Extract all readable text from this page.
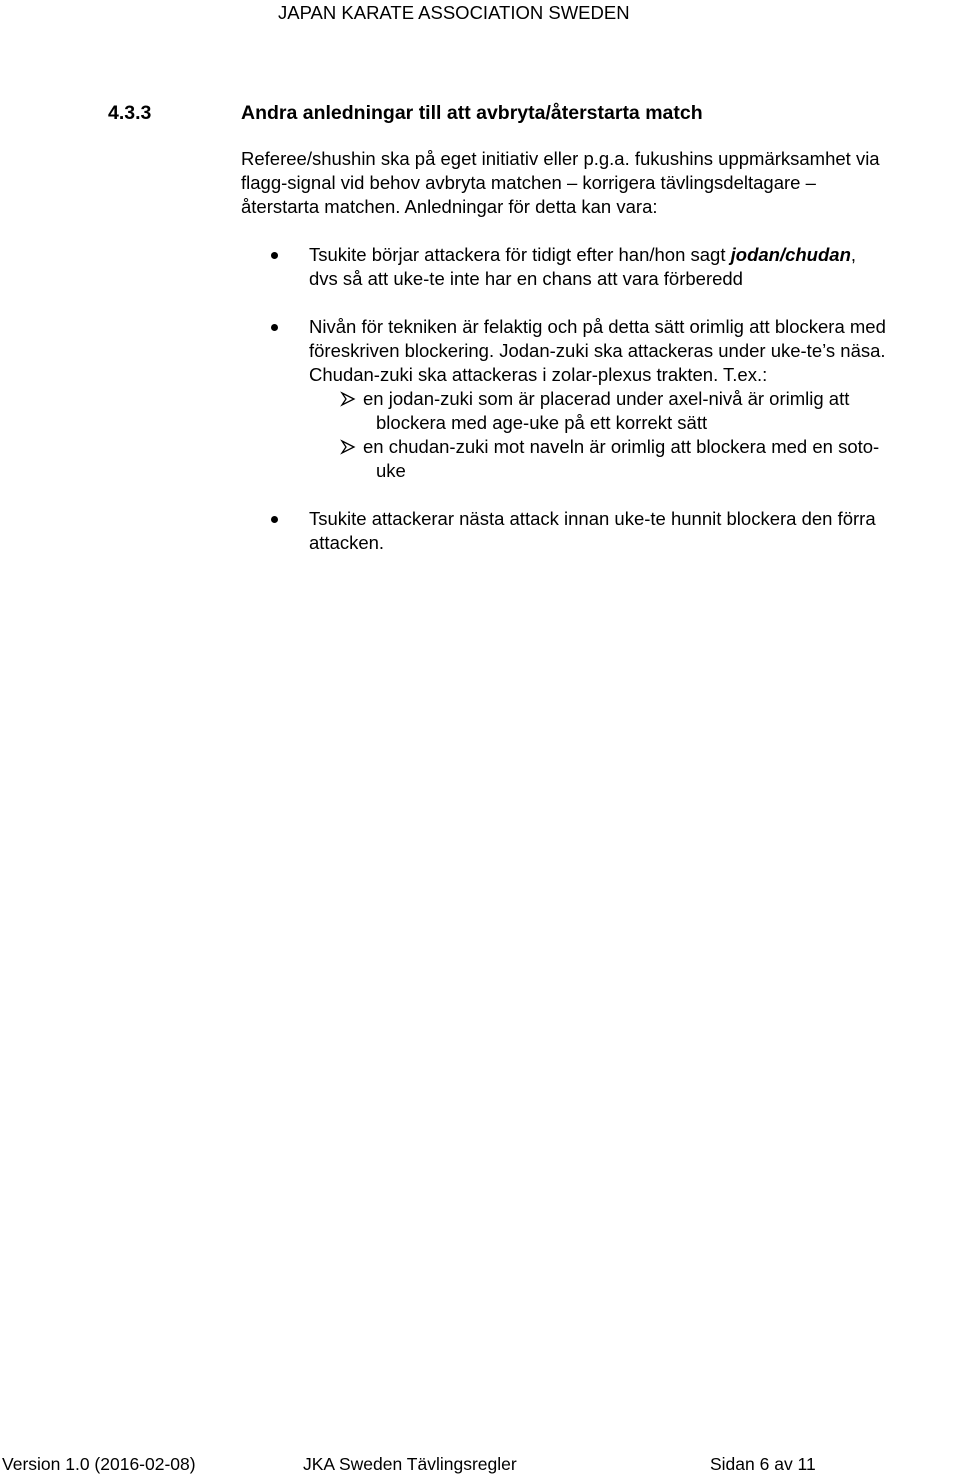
JAPAN KARATE ASSOCIATION SWEDEN
4.3.3	Andra anledningar till att avbryta/återstarta match
Referee/shushin ska på eget initiativ eller p.g.a. fukushins uppmärksamhet via
flagg-signal vid behov avbryta matchen – korrigera tävlingsdeltagare –
återstarta matchen. Anledningar för detta kan vara:
Tsukite börjar attackera för tidigt efter han/hon sagt jodan/chudan,
dvs så att uke-te inte har en chans att vara förberedd
Nivån för tekniken är felaktig och på detta sätt orimlig att blockera med
föreskriven blockering. Jodan-zuki ska attackeras under uke-te’s näsa.
Chudan-zuki ska attackeras i zolar-plexus trakten. T.ex.:
en jodan-zuki som är placerad under axel-nivå är orimlig att
blockera med age-uke på ett korrekt sätt
en chudan-zuki mot naveln är orimlig att blockera med en soto-
uke
Tsukite attackerar nästa attack innan uke-te hunnit blockera den förra
attacken.
Version 1.0 (2016-02-08)	JKA Sweden Tävlingsregler	Sidan 6 av 11
